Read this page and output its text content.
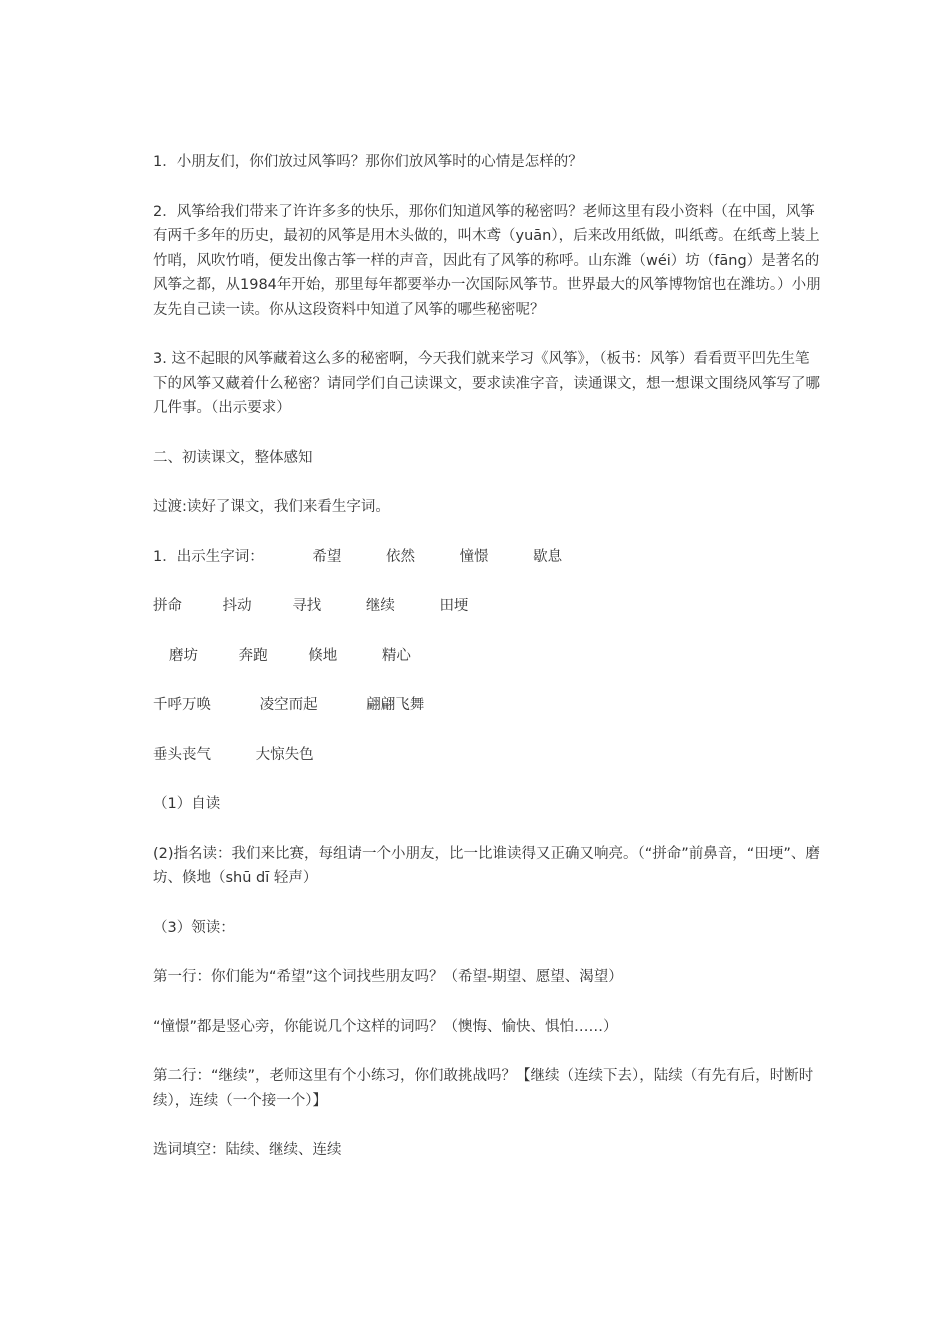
1．小朋友们，你们放过风筝吗？那你们放风筝时的心情是怎样的？

2．风筝给我们带来了许许多多的快乐，那你们知道风筝的秘密吗？老师这里有段小资料（在中国，风筝有两千多年的历史，最初的风筝是用木头做的，叫木鸢（yuān），后来改用纸做，叫纸鸢。在纸鸢上装上竹哨，风吹竹哨，便发出像古筝一样的声音，因此有了风筝的称呼。山东潍（wéi）坊（fāng）是著名的风筝之都，从1984年开始，那里每年都要举办一次国际风筝节。世界最大的风筝博物馆也在潍坊。）小朋友先自己读一读。你从这段资料中知道了风筝的哪些秘密呢？

3. 这不起眼的风筝藏着这么多的秘密啊，今天我们就来学习《风筝》，（板书：风筝）看看贾平凹先生笔下的风筝又藏着什么秘密？请同学们自己读课文，要求读准字音，读通课文，想一想课文围绕风筝写了哪几件事。（出示要求）

二、初读课文，整体感知

过渡:读好了课文，我们来看生字词。

1．出示生字词：	希望	依然	憧憬	歇息
拼命	抖动	寻找	继续	田埂
磨坊	奔跑	倏地	精心
千呼万唤	凌空而起	翩翩飞舞
垂头丧气	大惊失色

（1）自读

(2)指名读：我们来比赛，每组请一个小朋友，比一比谁读得又正确又响亮。（“拼命”前鼻音，“田埂”、磨坊、倏地（shū dī 轻声）

（3）领读：

第一行：你们能为“希望”这个词找些朋友吗？（希望-期望、愿望、渴望）

“憧憬”都是竖心旁，你能说几个这样的词吗？（懊悔、愉快、惧怕……）

第二行：“继续”，老师这里有个小练习，你们敢挑战吗？【继续（连续下去），陆续（有先有后，时断时续），连续（一个接一个）】

选词填空：陆续、继续、连续
